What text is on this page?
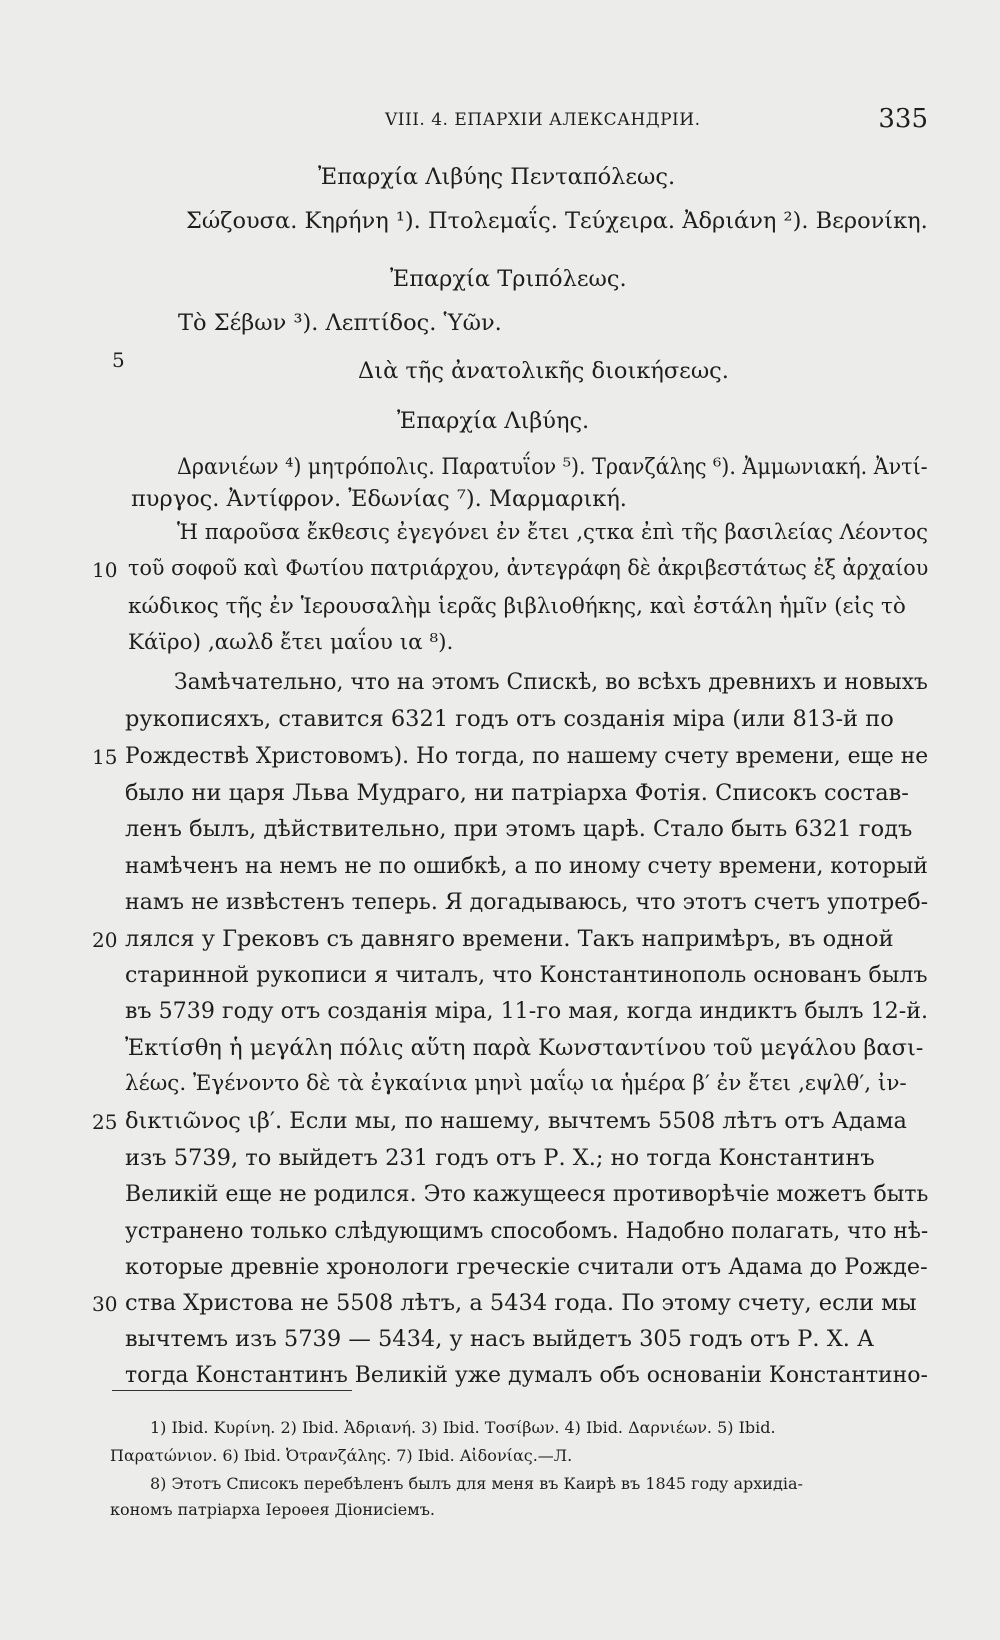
VIII. 4. ЕПАРХІИ АЛЕКСАНДРІИ.	335
Ἐπαρχία Λιβύης Πενταπόλεως.
Σώζουσα. Κηρήνη ¹). Πτολεμαΐς. Τεύχειρα. Ἀδριάνη ²). Βερονίκη.
Ἐπαρχία Τριπόλεως.
Τὸ Σέβων ³). Λεπτίδος. Ὑῶν.
Διὰ τῆς ἀνατολικῆς διοικήσεως.
Ἐπαρχία Λιβύης.
Δρανιέων ⁴) μητρόπολις. Παρατυΐον ⁵). Τρανζάλης ⁶). Ἀμμωνιακή. Ἀντί-
πυργος. Ἀντίφρον. Ἐδωνίας ⁷). Μαρμαρική.
Ἡ παροῦσα ἔκθεσις ἐγεγόνει ἐν ἔτει ‚ςτκα ἐπὶ τῆς βασιλείας Λέοντος
τοῦ σοφοῦ καὶ Φωτίου πατριάρχου, ἀντεγράφη δὲ ἀκριβεστάτως ἐξ ἀρχαίου
κώδικος τῆς ἐν Ἱερουσαλὴμ ἱερᾶς βιβλιοθήκης, καὶ ἐστάλη ἡμῖν (εἰς τὸ
Κάϊρο) ‚αωλδ ἔτει μαΐου ια ⁸).
Замѣчательно, что на этомъ Спискѣ, во всѣхъ древнихъ и новыхъ
рукописяхъ, ставится 6321 годъ отъ созданія міра (или 813-й по
Рождествѣ Христовомъ). Но тогда, по нашему счету времени, еще не
было ни царя Льва Мудраго, ни патріарха Фотія. Списокъ состав-
ленъ былъ, дѣйствительно, при этомъ царѣ. Стало быть 6321 годъ
намѣченъ на немъ не по ошибкѣ, а по иному счету времени, который
намъ не извѣстенъ теперь. Я догадываюсь, что этотъ счетъ употреб-
лялся у Грековъ съ давняго времени. Такъ напримѣръ, въ одной
старинной рукописи я читалъ, что Константинополь основанъ былъ
въ 5739 году отъ созданія міра, 11-го мая, когда индиктъ былъ 12-й.
Ἐκτίσθη ἡ μεγάλη πόλις αὕτη παρὰ Κωνσταντίνου τοῦ μεγάλου βασι-
λέως. Ἐγένοντο δὲ τὰ ἐγκαίνια μηνὶ μαΐῳ ια ἡμέρα β′ ἐν ἔτει ‚εψλθ′, ἰν-
δικτιῶνος ιβ′. Если мы, по нашему, вычтемъ 5508 лѣтъ отъ Адама
изъ 5739, то выйдетъ 231 годъ отъ Р. Х.; но тогда Константинъ
Великій еще не родился. Это кажущееся противорѣчіе можетъ быть
устранено только слѣдующимъ способомъ. Надобно полагать, что нѣ-
которые древніе хронологи греческіе считали отъ Адама до Рожде-
ства Христова не 5508 лѣтъ, а 5434 года. По этому счету, если мы
вычтемъ изъ 5739 — 5434, у насъ выйдетъ 305 годъ отъ Р. Х. А
тогда Константинъ Великій уже думалъ объ основаніи Константино-
5
10
15
20
25
30
1) Ibid. Κυρίνη. 2) Ibid. Ἀδριανή. 3) Ibid. Τοσίβων. 4) Ibid. Δαρνιέων. 5) Ibid.
Παρατώνιον. 6) Ibid. Ὀτρανζάλης. 7) Ibid. Αἰδονίας.—Л.
8) Этотъ Списокъ перебѣленъ былъ для меня въ Каирѣ въ 1845 году архидіа-
кономъ патріарха Іероѳея Діонисіемъ.
